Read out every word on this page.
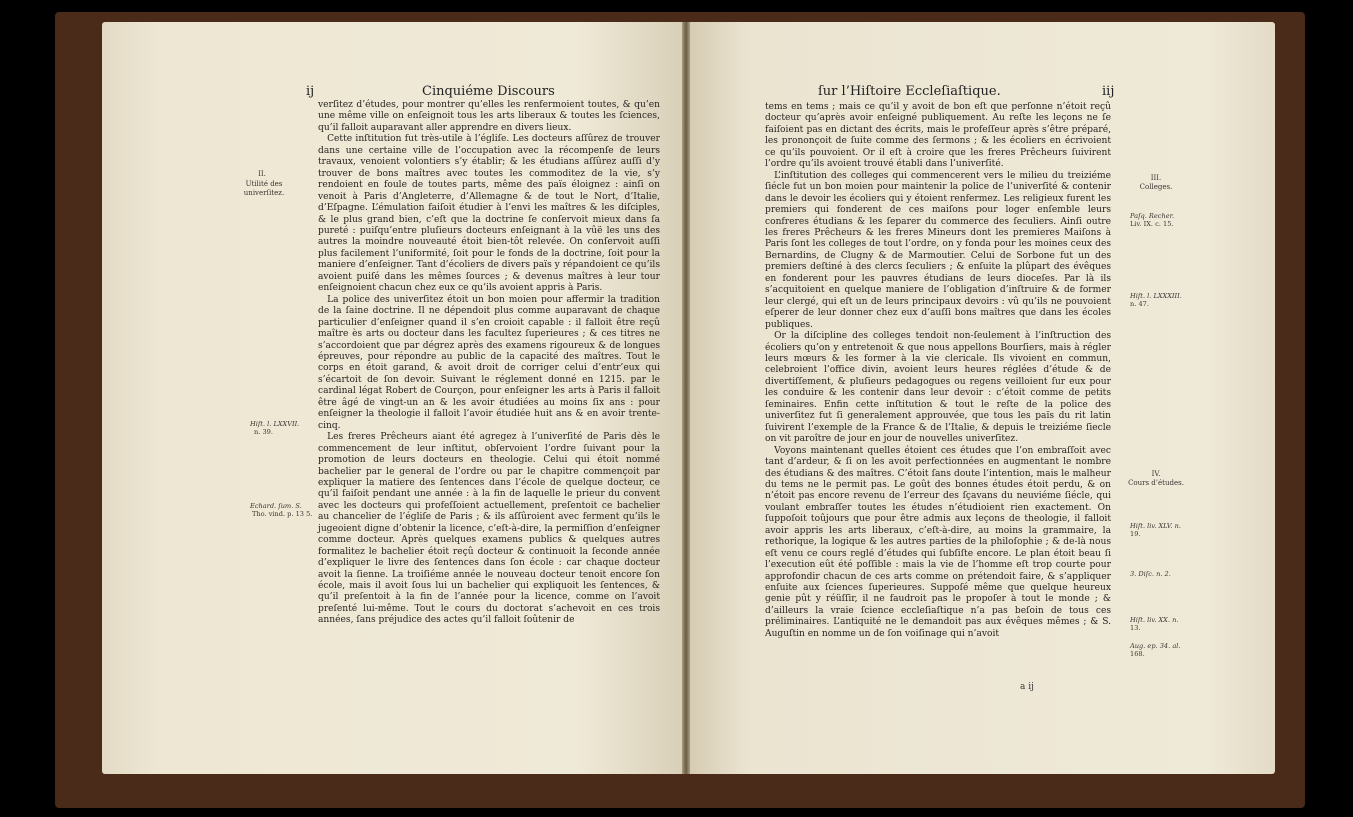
ij	Cinquiéme Discours
II.
Utilité des univerſitez.
Hiſt. l. LXXVII.
n. 39.
Echard. ſum. S.
Tho. vind. p. 13 5.

verſitez d’études, pour montrer qu’elles les renfermoient toutes, & qu’en une même ville on enſeignoit tous les arts liberaux & toutes les ſciences, qu’il falloit auparavant aller apprendre en divers lieux.

Cette inſtitution fut très-utile à l’égliſe. Les docteurs aſſûrez de trouver dans une certaine ville de l’occupation avec la récompenſe de leurs travaux, venoient volontiers s’y établir; & les étudians aſſûrez auſſi d’y trouver de bons maîtres avec toutes les commoditez de la vie, s’y rendoient en foule de toutes parts, même des païs éloignez : ainſi on venoit à Paris d’Angleterre, d’Allemagne & de tout le Nort, d’Italie, d’Eſpagne. L’émulation faiſoit étudier à l’envi les maîtres & les diſciples, & le plus grand bien, c’eſt que la doctrine ſe conſervoit mieux dans ſa pureté : puiſqu’entre pluſieurs docteurs enſeignant à la vûë les uns des autres la moindre nouveauté étoit bien-tôt relevée. On conſervoit auſſi plus facilement l’uniformité, ſoit pour le fonds de la doctrine, ſoit pour la maniere d’enſeigner. Tant d’écoliers de divers païs y répandoient ce qu’ils avoient puiſé dans les mêmes ſources ; & devenus maîtres à leur tour enſeignoient chacun chez eux ce qu’ils avoient appris à Paris.

La police des univerſitez étoit un bon moien pour affermir la tradition de la ſaine doctrine. Il ne dépendoit plus comme auparavant de chaque particulier d’enſeigner quand il s’en croioit capable : il falloit être reçû maître ès arts ou docteur dans les facultez ſuperieures ; & ces titres ne s’accordoient que par dégrez après des examens rigoureux & de longues épreuves, pour répondre au public de la capacité des maîtres. Tout le corps en étoit garand, & avoit droit de corriger celui d’entr’eux qui s’écartoit de ſon devoir. Suivant le réglement donné en 1215. par le cardinal légat Robert de Courçon, pour enſeigner les arts à Paris il falloit être âgé de vingt-un an & les avoir étudiées au moins ſix ans : pour enſeigner la theologie il falloit l’avoir étudiée huit ans & en avoir trente-cinq.

Les freres Prêcheurs aiant été agregez à l’univerſité de Paris dès le commencement de leur inſtitut, obſervoient l’ordre ſuivant pour la promotion de leurs docteurs en theologie. Celui qui étoit nommé bachelier par le general de l’ordre ou par le chapitre commençoit par expliquer la matiere des ſentences dans l’école de quelque docteur, ce qu’il faiſoit pendant une année : à la fin de laquelle le prieur du convent avec les docteurs qui profeſſoient actuellement, preſentoit ce bachelier au chancelier de l’égliſe de Paris ; & ils aſſûroient avec ferment qu’ils le jugeoient digne d’obtenir la licence, c’eſt-à-dire, la permiſſion d’enſeigner comme docteur. Après quelques examens publics & quelques autres formalitez le bachelier étoit reçû docteur & continuoit la ſeconde année d’expliquer le livre des ſentences dans ſon école : car chaque docteur avoit la ſienne. La troiſiéme année le nouveau docteur tenoit encore ſon école, mais il avoit ſous lui un bachelier qui expliquoit les ſentences, & qu’il preſentoit à la fin de l’année pour la licence, comme on l’avoit preſenté lui-même. Tout le cours du doctorat s’achevoit en ces trois années, ſans préjudice des actes qu’il falloit ſoûtenir de

ſur l’Hiſtoire Eccleſiaſtique.	iij

tems en tems ; mais ce qu’il y avoit de bon eſt que perſonne n’étoit reçû docteur qu’après avoir enſeigné publiquement. Au reſte les leçons ne ſe faiſoient pas en dictant des écrits, mais le profeſſeur après s’être préparé, les prononçoit de ſuite comme des ſermons ; & les écoliers en écrivoient ce qu’ils pouvoient. Or il eſt à croire que les freres Prêcheurs ſuivirent l’ordre qu’ils avoient trouvé établi dans l’univerſité.

L’inſtitution des colleges qui commencerent vers le milieu du treiziéme ſiécle fut un bon moien pour maintenir la police de l’univerſité & contenir dans le devoir les écoliers qui y étoient renfermez. Les religieux furent les premiers qui fonderent de ces maiſons pour loger enſemble leurs confreres étudians & les ſeparer du commerce des ſeculiers. Ainſi outre les freres Prêcheurs & les freres Mineurs dont les premieres Maiſons à Paris ſont les colleges de tout l’ordre, on y fonda pour les moines ceux des Bernardins, de Clugny & de Marmoutier. Celui de Sorbone fut un des premiers deſtiné à des clercs ſeculiers ; & enſuite la plûpart des évêques en fonderent pour les pauvres étudians de leurs dioceſes. Par là ils s’acquitoient en quelque maniere de l’obligation d’inſtruire & de former leur clergé, qui eſt un de leurs principaux devoirs : vû qu’ils ne pouvoient eſperer de leur donner chez eux d’auſſi bons maîtres que dans les écoles publiques.

Or la diſcipline des colleges tendoit non-ſeulement à l’inſtruction des écoliers qu’on y entretenoit & que nous appellons Bourſiers, mais à régler leurs mœurs & les former à la vie clericale. Ils vivoient en commun, celebroient l’office divin, avoient leurs heures réglées d’étude & de divertiſſement, & pluſieurs pedagogues ou regens veilloient ſur eux pour les conduire & les contenir dans leur devoir : c’étoit comme de petits ſeminaires. Enfin cette inſtitution & tout le reſte de la police des univerſitez fut ſi generalement approuvée, que tous les païs du rit latin ſuivirent l’exemple de la France & de l’Italie, & depuis le treiziéme ſiecle on vit paroître de jour en jour de nouvelles univerſitez.

Voyons maintenant quelles étoient ces études que l’on embraſſoit avec tant d’ardeur, & ſi on les avoit perfectionnées en augmentant le nombre des étudians & des maîtres. C’étoit ſans doute l’intention, mais le malheur du tems ne le permit pas. Le goût des bonnes études étoit perdu, & on n’étoit pas encore revenu de l’erreur des ſçavans du neuviéme ſiécle, qui voulant embraſſer toutes les études n’étudioient rien exactement. On ſuppoſoit toûjours que pour être admis aux leçons de theologie, il falloit avoir appris les arts liberaux, c’eſt-à-dire, au moins la grammaire, la rethorique, la logique & les autres parties de la philoſophie ; & de-là nous eſt venu ce cours reglé d’études qui ſubſiſte encore. Le plan étoit beau ſi l’execution eût été poſſible : mais la vie de l’homme eſt trop courte pour approfondir chacun de ces arts comme on prétendoit faire, & s’appliquer enſuite aux ſciences ſuperieures. Suppoſé même que quelque heureux genie pût y réüſſir, il ne faudroit pas le propoſer à tout le monde ; & d’ailleurs la vraie ſcience eccleſiaſtique n’a pas beſoin de tous ces préliminaires. L’antiquité ne le demandoit pas aux évêques mêmes ; & S. Auguſtin en nomme un de ſon voiſinage qui n’avoit

a ij
III.
Colleges.
Paſq. Recher.
Liv. IX. c. 15.
Hiſt. l. LXXXIII.
n. 47.
IV.
Cours d’études.
Hiſt. liv. XLV. n.
19.
3. Diſc. n. 2.
Hiſt. liv. XX. n.
13.
Aug. ep. 34. al.
168.
